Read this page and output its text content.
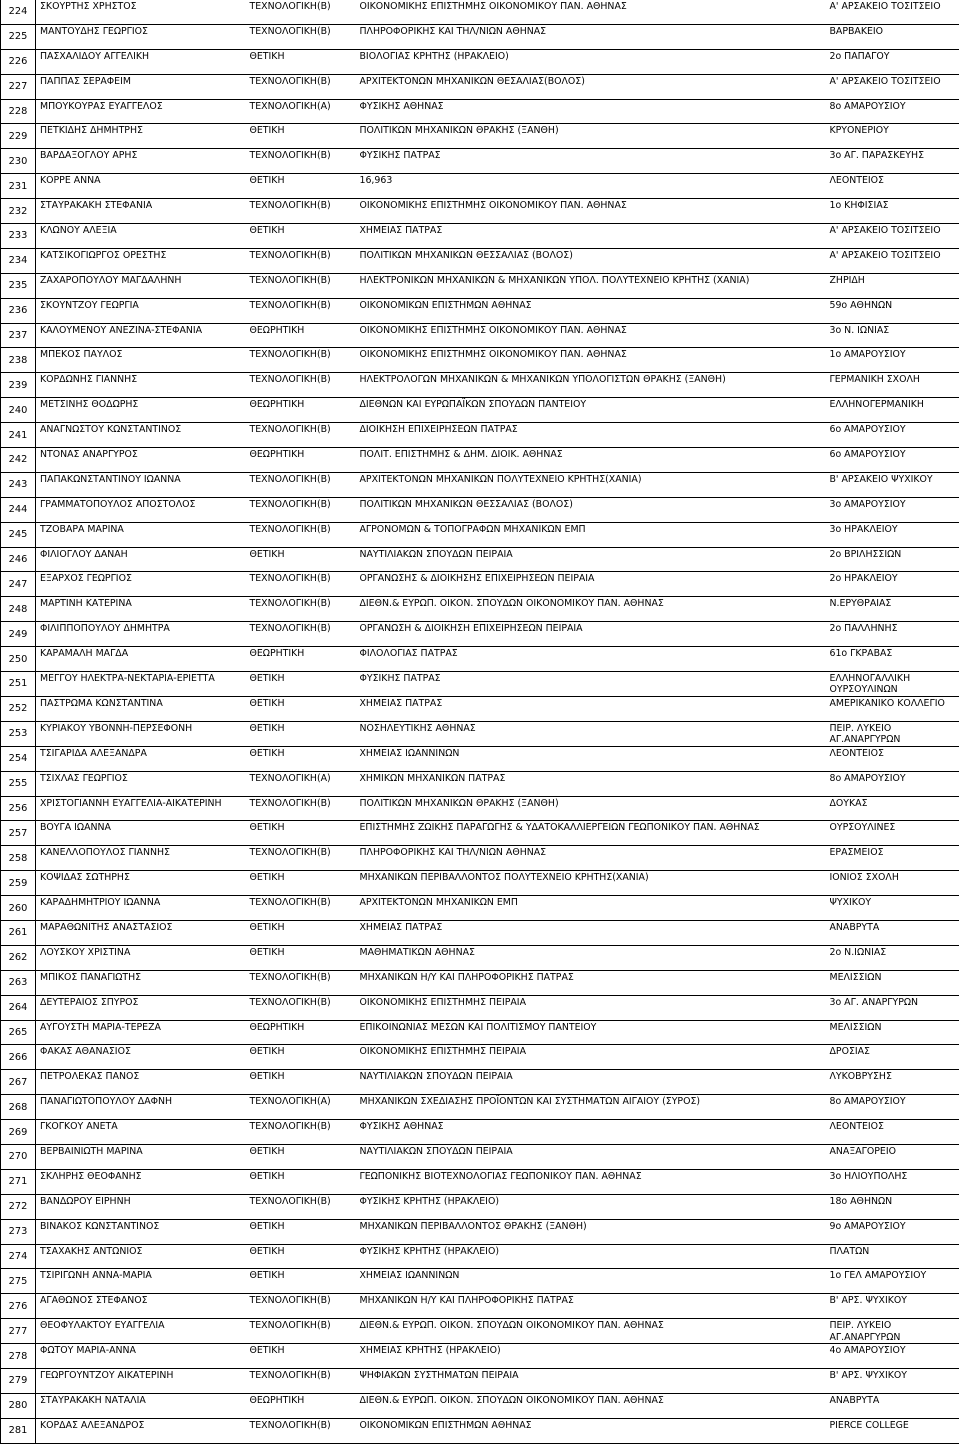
224	ΣΚΟΥΡΤΗΣ ΧΡΗΣΤΟΣ	ΤΕΧΝΟΛΟΓΙΚΗ(Β)	ΟΙΚΟΝΟΜΙΚΗΣ ΕΠΙΣΤΗΜΗΣ ΟΙΚΟΝΟΜΙΚΟΥ ΠΑΝ. ΑΘΗΝΑΣ	Α' ΑΡΣΑΚΕΙΟ ΤΟΣΙΤΣΕΙΟ
225	ΜΑΝΤΟΥΔΗΣ ΓΕΩΡΓΙΟΣ	ΤΕΧΝΟΛΟΓΙΚΗ(Β)	ΠΛΗΡΟΦΟΡΙΚΗΣ ΚΑΙ ΤΗΛ/ΝΙΩΝ ΑΘΗΝΑΣ	ΒΑΡΒΑΚΕΙΟ
226	ΠΑΣΧΑΛΙΔΟΥ ΑΓΓΕΛΙΚΗ	ΘΕΤΙΚΗ	ΒΙΟΛΟΓΙΑΣ ΚΡΗΤΗΣ (ΗΡΑΚΛΕΙΟ)	2ο ΠΑΠΑΓΟΥ
227	ΠΑΠΠΑΣ ΣΕΡΑΦΕΙΜ	ΤΕΧΝΟΛΟΓΙΚΗ(Β)	ΑΡΧΙΤΕΚΤΟΝΩΝ ΜΗΧΑΝΙΚΩΝ ΘΕΣΑΛΙΑΣ(ΒΟΛΟΣ)	Α' ΑΡΣΑΚΕΙΟ ΤΟΣΙΤΣΕΙΟ
228	ΜΠΟΥΚΟΥΡΑΣ ΕΥΑΓΓΕΛΟΣ	ΤΕΧΝΟΛΟΓΙΚΗ(Α)	ΦΥΣΙΚΗΣ ΑΘΗΝΑΣ	8ο ΑΜΑΡΟΥΣΙΟΥ
229	ΠΕΤΚΙΔΗΣ ΔΗΜΗΤΡΗΣ	ΘΕΤΙΚΗ	ΠΟΛΙΤΙΚΩΝ ΜΗΧΑΝΙΚΩΝ ΘΡΑΚΗΣ (ΞΑΝΘΗ)	ΚΡΥΟΝΕΡΙΟΥ
230	ΒΑΡΔΑΞΟΓΛΟΥ ΑΡΗΣ	ΤΕΧΝΟΛΟΓΙΚΗ(Β)	ΦΥΣΙΚΗΣ ΠΑΤΡΑΣ	3ο ΑΓ. ΠΑΡΑΣΚΕΥΗΣ
231	ΚΟΡΡΕ ΑΝΝΑ	ΘΕΤΙΚΗ	16,963	ΛΕΟΝΤΕΙΟΣ
232	ΣΤΑΥΡΑΚΑΚΗ ΣΤΕΦΑΝΙΑ	ΤΕΧΝΟΛΟΓΙΚΗ(Β)	ΟΙΚΟΝΟΜΙΚΗΣ ΕΠΙΣΤΗΜΗΣ ΟΙΚΟΝΟΜΙΚΟΥ ΠΑΝ. ΑΘΗΝΑΣ	1ο ΚΗΦΙΣΙΑΣ
233	ΚΛΩΝΟΥ ΑΛΕΞΙΑ	ΘΕΤΙΚΗ	ΧΗΜΕΙΑΣ ΠΑΤΡΑΣ	Α' ΑΡΣΑΚΕΙΟ ΤΟΣΙΤΣΕΙΟ
234	ΚΑΤΣΙΚΟΓΙΩΡΓΟΣ ΟΡΕΣΤΗΣ	ΤΕΧΝΟΛΟΓΙΚΗ(Β)	ΠΟΛΙΤΙΚΩΝ ΜΗΧΑΝΙΚΩΝ ΘΕΣΣΑΛΙΑΣ (ΒΟΛΟΣ)	Α' ΑΡΣΑΚΕΙΟ ΤΟΣΙΤΣΕΙΟ
235	ΖΑΧΑΡΟΠΟΥΛΟΥ ΜΑΓΔΑΛΗΝΗ	ΤΕΧΝΟΛΟΓΙΚΗ(Β)	ΗΛΕΚΤΡΟΝΙΚΩΝ ΜΗΧΑΝΙΚΩΝ & ΜΗΧΑΝΙΚΩΝ ΥΠΟΛ. ΠΟΛΥΤΕΧΝΕΙΟ ΚΡΗΤΗΣ (ΧΑΝΙΑ)	ΖΗΡΙΔΗ
236	ΣΚΟΥΝΤΖΟΥ ΓΕΩΡΓΙΑ	ΤΕΧΝΟΛΟΓΙΚΗ(Β)	ΟΙΚΟΝΟΜΙΚΩΝ ΕΠΙΣΤΗΜΩΝ ΑΘΗΝΑΣ	59ο ΑΘΗΝΩΝ
237	ΚΑΛΟΥΜΕΝΟΥ ΑΝΕΖΙΝΑ-ΣΤΕΦΑΝΙΑ	ΘΕΩΡΗΤΙΚΗ	ΟΙΚΟΝΟΜΙΚΗΣ ΕΠΙΣΤΗΜΗΣ ΟΙΚΟΝΟΜΙΚΟΥ ΠΑΝ. ΑΘΗΝΑΣ	3ο Ν. ΙΩΝΙΑΣ
238	ΜΠΕΚΟΣ ΠΑΥΛΟΣ	ΤΕΧΝΟΛΟΓΙΚΗ(Β)	ΟΙΚΟΝΟΜΙΚΗΣ ΕΠΙΣΤΗΜΗΣ ΟΙΚΟΝΟΜΙΚΟΥ ΠΑΝ. ΑΘΗΝΑΣ	1ο ΑΜΑΡΟΥΣΙΟΥ
239	ΚΟΡΔΩΝΗΣ ΓΙΑΝΝΗΣ	ΤΕΧΝΟΛΟΓΙΚΗ(Β)	ΗΛΕΚΤΡΟΛΟΓΩΝ ΜΗΧΑΝΙΚΩΝ & ΜΗΧΑΝΙΚΩΝ ΥΠΟΛΟΓΙΣΤΩΝ ΘΡΑΚΗΣ (ΞΑΝΘΗ)	ΓΕΡΜΑΝΙΚΗ ΣΧΟΛΗ
240	ΜΕΤΣΙΝΗΣ ΘΟΔΩΡΗΣ	ΘΕΩΡΗΤΙΚΗ	ΔΙΕΘΝΩΝ ΚΑΙ ΕΥΡΩΠΑΪΚΩΝ ΣΠΟΥΔΩΝ ΠΑΝΤΕΙΟΥ	ΕΛΛΗΝΟΓΕΡΜΑΝΙΚΗ
241	ΑΝΑΓΝΩΣΤΟΥ ΚΩΝΣΤΑΝΤΙΝΟΣ	ΤΕΧΝΟΛΟΓΙΚΗ(Β)	ΔΙΟΙΚΗΣΗ ΕΠΙΧΕΙΡΗΣΕΩΝ ΠΑΤΡΑΣ	6ο ΑΜΑΡΟΥΣΙΟΥ
242	ΝΤΟΝΑΣ ΑΝΑΡΓΥΡΟΣ	ΘΕΩΡΗΤΙΚΗ	ΠΟΛΙΤ. ΕΠΙΣΤΗΜΗΣ & ΔΗΜ. ΔΙΟΙΚ. ΑΘΗΝΑΣ	6ο ΑΜΑΡΟΥΣΙΟΥ
243	ΠΑΠΑΚΩΝΣΤΑΝΤΙΝΟΥ ΙΩΑΝΝΑ	ΤΕΧΝΟΛΟΓΙΚΗ(Β)	ΑΡΧΙΤΕΚΤΟΝΩΝ ΜΗΧΑΝΙΚΩΝ ΠΟΛΥΤΕΧΝΕΙΟ ΚΡΗΤΗΣ(ΧΑΝΙΑ)	Β' ΑΡΣΑΚΕΙΟ ΨΥΧΙΚΟΥ
244	ΓΡΑΜΜΑΤΟΠΟΥΛΟΣ ΑΠΟΣΤΟΛΟΣ	ΤΕΧΝΟΛΟΓΙΚΗ(Β)	ΠΟΛΙΤΙΚΩΝ ΜΗΧΑΝΙΚΩΝ ΘΕΣΣΑΛΙΑΣ (ΒΟΛΟΣ)	3ο ΑΜΑΡΟΥΣΙΟΥ
245	ΤΖΟΒΑΡΑ ΜΑΡΙΝΑ	ΤΕΧΝΟΛΟΓΙΚΗ(Β)	ΑΓΡΟΝΟΜΩΝ & ΤΟΠΟΓΡΑΦΩΝ ΜΗΧΑΝΙΚΩΝ ΕΜΠ	3ο ΗΡΑΚΛΕΙΟΥ
246	ΦΙΛΙΟΓΛΟΥ ΔΑΝΑΗ	ΘΕΤΙΚΗ	ΝΑΥΤΙΛΙΑΚΩΝ ΣΠΟΥΔΩΝ ΠΕΙΡΑΙΑ	2ο ΒΡΙΛΗΣΣΙΩΝ
247	ΕΞΑΡΧΟΣ ΓΕΩΡΓΙΟΣ	ΤΕΧΝΟΛΟΓΙΚΗ(Β)	ΟΡΓΑΝΩΣΗΣ & ΔΙΟΙΚΗΣΗΣ ΕΠΙΧΕΙΡΗΣΕΩΝ ΠΕΙΡΑΙΑ	2ο ΗΡΑΚΛΕΙΟΥ
248	ΜΑΡΤΙΝΗ ΚΑΤΕΡΙΝΑ	ΤΕΧΝΟΛΟΓΙΚΗ(Β)	ΔΙΕΘΝ.& ΕΥΡΩΠ. ΟΙΚΟΝ. ΣΠΟΥΔΩΝ ΟΙΚΟΝΟΜΙΚΟΥ ΠΑΝ. ΑΘΗΝΑΣ	Ν.ΕΡΥΘΡΑΙΑΣ
249	ΦΙΛΙΠΠΟΠΟΥΛΟΥ ΔΗΜΗΤΡΑ	ΤΕΧΝΟΛΟΓΙΚΗ(Β)	ΟΡΓΑΝΩΣΗ & ΔΙΟΙΚΗΣΗ ΕΠΙΧΕΙΡΗΣΕΩΝ ΠΕΙΡΑΙΑ	2ο ΠΑΛΛΗΝΗΣ
250	ΚΑΡΑΜΑΛΗ ΜΑΓΔΑ	ΘΕΩΡΗΤΙΚΗ	ΦΙΛΟΛΟΓΙΑΣ ΠΑΤΡΑΣ	61ο ΓΚΡΑΒΑΣ
251	ΜΕΓΓΟΥ ΗΛΕΚΤΡΑ-ΝΕΚΤΑΡΙΑ-ΕΡΙΕΤΤΑ	ΘΕΤΙΚΗ	ΦΥΣΙΚΗΣ ΠΑΤΡΑΣ	ΕΛΛΗΝΟΓΑΛΛΙΚΗ ΟΥΡΣΟΥΛΙΝΩΝ
252	ΠΑΣΤΡΩΜΑ ΚΩΝΣΤΑΝΤΙΝΑ	ΘΕΤΙΚΗ	ΧΗΜΕΙΑΣ ΠΑΤΡΑΣ	ΑΜΕΡΙΚΑΝΙΚΟ ΚΟΛΛΕΓΙΟ
253	ΚΥΡΙΑΚΟΥ ΥΒΟΝΝΗ-ΠΕΡΣΕΦΟΝΗ	ΘΕΤΙΚΗ	ΝΟΣΗΛΕΥΤΙΚΗΣ ΑΘΗΝΑΣ	ΠΕΙΡ. ΛΥΚΕΙΟ ΑΓ.ΑΝΑΡΓΥΡΩΝ
254	ΤΣΙΓΑΡΙΔΑ ΑΛΕΞΑΝΔΡΑ	ΘΕΤΙΚΗ	ΧΗΜΕΙΑΣ ΙΩΑΝΝΙΝΩΝ	ΛΕΟΝΤΕΙΟΣ
255	ΤΣΙΧΛΑΣ ΓΕΩΡΓΙΟΣ	ΤΕΧΝΟΛΟΓΙΚΗ(Α)	ΧΗΜΙΚΩΝ ΜΗΧΑΝΙΚΩΝ ΠΑΤΡΑΣ	8ο ΑΜΑΡΟΥΣΙΟΥ
256	ΧΡΙΣΤΟΓΙΑΝΝΗ ΕΥΑΓΓΕΛΙΑ-ΑΙΚΑΤΕΡΙΝΗ	ΤΕΧΝΟΛΟΓΙΚΗ(Β)	ΠΟΛΙΤΙΚΩΝ ΜΗΧΑΝΙΚΩΝ ΘΡΑΚΗΣ (ΞΑΝΘΗ)	ΔΟΥΚΑΣ
257	ΒΟΥΓΑ ΙΩΑΝΝΑ	ΘΕΤΙΚΗ	ΕΠΙΣΤΗΜΗΣ ΖΩΙΚΗΣ ΠΑΡΑΓΩΓΗΣ & ΥΔΑΤΟΚΑΛΛΙΕΡΓΕΙΩΝ ΓΕΩΠΟΝΙΚΟΥ ΠΑΝ. ΑΘΗΝΑΣ	ΟΥΡΣΟΥΛΙΝΕΣ
258	ΚΑΝΕΛΛΟΠΟΥΛΟΣ ΓΙΑΝΝΗΣ	ΤΕΧΝΟΛΟΓΙΚΗ(Β)	ΠΛΗΡΟΦΟΡΙΚΗΣ ΚΑΙ ΤΗΛ/ΝΙΩΝ ΑΘΗΝΑΣ	ΕΡΑΣΜΕΙΟΣ
259	ΚΟΨΙΔΑΣ ΣΩΤΗΡΗΣ	ΘΕΤΙΚΗ	ΜΗΧΑΝΙΚΩΝ ΠΕΡΙΒΑΛΛΟΝΤΟΣ ΠΟΛΥΤΕΧΝΕΙΟ ΚΡΗΤΗΣ(ΧΑΝΙΑ)	ΙΟΝΙΟΣ ΣΧΟΛΗ
260	ΚΑΡΑΔΗΜΗΤΡΙΟΥ ΙΩΑΝΝΑ	ΤΕΧΝΟΛΟΓΙΚΗ(Β)	ΑΡΧΙΤΕΚΤΟΝΩΝ ΜΗΧΑΝΙΚΩΝ ΕΜΠ	ΨΥΧΙΚΟΥ
261	ΜΑΡΑΘΩΝΙΤΗΣ ΑΝΑΣΤΑΣΙΟΣ	ΘΕΤΙΚΗ	ΧΗΜΕΙΑΣ ΠΑΤΡΑΣ	ΑΝΑΒΡΥΤΑ
262	ΛΟΥΣΚΟΥ ΧΡΙΣΤΙΝΑ	ΘΕΤΙΚΗ	ΜΑΘΗΜΑΤΙΚΩΝ ΑΘΗΝΑΣ	2ο Ν.ΙΩΝΙΑΣ
263	ΜΠΙΚΟΣ ΠΑΝΑΓΙΩΤΗΣ	ΤΕΧΝΟΛΟΓΙΚΗ(Β)	ΜΗΧΑΝΙΚΩΝ Η/Υ ΚΑΙ ΠΛΗΡΟΦΟΡΙΚΗΣ ΠΑΤΡΑΣ	ΜΕΛΙΣΣΙΩΝ
264	ΔΕΥΤΕΡΑΙΟΣ ΣΠΥΡΟΣ	ΤΕΧΝΟΛΟΓΙΚΗ(Β)	ΟΙΚΟΝΟΜΙΚΗΣ ΕΠΙΣΤΗΜΗΣ ΠΕΙΡΑΙΑ	3ο ΑΓ. ΑΝΑΡΓΥΡΩΝ
265	ΑΥΓΟΥΣΤΗ ΜΑΡΙΑ-ΤΕΡΕΖΑ	ΘΕΩΡΗΤΙΚΗ	ΕΠΙΚΟΙΝΩΝΙΑΣ ΜΕΣΩΝ ΚΑΙ ΠΟΛΙΤΙΣΜΟΥ ΠΑΝΤΕΙΟΥ	ΜΕΛΙΣΣΙΩΝ
266	ΦΑΚΑΣ ΑΘΑΝΑΣΙΟΣ	ΘΕΤΙΚΗ	ΟΙΚΟΝΟΜΙΚΗΣ ΕΠΙΣΤΗΜΗΣ ΠΕΙΡΑΙΑ	ΔΡΟΣΙΑΣ
267	ΠΕΤΡΟΛΕΚΑΣ ΠΑΝΟΣ	ΘΕΤΙΚΗ	ΝΑΥΤΙΛΙΑΚΩΝ ΣΠΟΥΔΩΝ ΠΕΙΡΑΙΑ	ΛΥΚΟΒΡΥΣΗΣ
268	ΠΑΝΑΓΙΩΤΟΠΟΥΛΟΥ ΔΑΦΝΗ	ΤΕΧΝΟΛΟΓΙΚΗ(Α)	ΜΗΧΑΝΙΚΩΝ ΣΧΕΔΙΑΣΗΣ ΠΡΟΪΟΝΤΩΝ ΚΑΙ ΣΥΣΤΗΜΑΤΩΝ ΑΙΓΑΙΟΥ (ΣΥΡΟΣ)	8ο ΑΜΑΡΟΥΣΙΟΥ
269	ΓΚΟΓΚΟΥ ΑΝΕΤΑ	ΤΕΧΝΟΛΟΓΙΚΗ(Β)	ΦΥΣΙΚΗΣ ΑΘΗΝΑΣ	ΛΕΟΝΤΕΙΟΣ
270	ΒΕΡΒΑΙΝΙΩΤΗ ΜΑΡΙΝΑ	ΘΕΤΙΚΗ	ΝΑΥΤΙΛΙΑΚΩΝ ΣΠΟΥΔΩΝ ΠΕΙΡΑΙΑ	ΑΝΑΞΑΓΟΡΕΙΟ
271	ΣΚΛΗΡΗΣ ΘΕΟΦΑΝΗΣ	ΘΕΤΙΚΗ	ΓΕΩΠΟΝΙΚΗΣ ΒΙΟΤΕΧΝΟΛΟΓΙΑΣ ΓΕΩΠΟΝΙΚΟΥ ΠΑΝ. ΑΘΗΝΑΣ	3ο ΗΛΙΟΥΠΟΛΗΣ
272	ΒΑΝΔΩΡΟΥ ΕΙΡΗΝΗ	ΤΕΧΝΟΛΟΓΙΚΗ(Β)	ΦΥΣΙΚΗΣ ΚΡΗΤΗΣ (ΗΡΑΚΛΕΙΟ)	18ο ΑΘΗΝΩΝ
273	ΒΙΝΑΚΟΣ ΚΩΝΣΤΑΝΤΙΝΟΣ	ΘΕΤΙΚΗ	ΜΗΧΑΝΙΚΩΝ ΠΕΡΙΒΑΛΛΟΝΤΟΣ ΘΡΑΚΗΣ (ΞΑΝΘΗ)	9ο ΑΜΑΡΟΥΣΙΟΥ
274	ΤΣΑΧΑΚΗΣ ΑΝΤΩΝΙΟΣ	ΘΕΤΙΚΗ	ΦΥΣΙΚΗΣ ΚΡΗΤΗΣ (ΗΡΑΚΛΕΙΟ)	ΠΛΑΤΩΝ
275	ΤΣΙΡΙΓΩΝΗ ΑΝΝΑ-ΜΑΡΙΑ	ΘΕΤΙΚΗ	ΧΗΜΕΙΑΣ ΙΩΑΝΝΙΝΩΝ	1ο ΓΕΛ ΑΜΑΡΟΥΣΙΟΥ
276	ΑΓΑΘΩΝΟΣ ΣΤΕΦΑΝΟΣ	ΤΕΧΝΟΛΟΓΙΚΗ(Β)	ΜΗΧΑΝΙΚΩΝ Η/Υ ΚΑΙ ΠΛΗΡΟΦΟΡΙΚΗΣ ΠΑΤΡΑΣ	Β' ΑΡΣ. ΨΥΧΙΚΟΥ
277	ΘΕΟΦΥΛΑΚΤΟΥ ΕΥΑΓΓΕΛΙΑ	ΤΕΧΝΟΛΟΓΙΚΗ(Β)	ΔΙΕΘΝ.& ΕΥΡΩΠ. ΟΙΚΟΝ. ΣΠΟΥΔΩΝ ΟΙΚΟΝΟΜΙΚΟΥ ΠΑΝ. ΑΘΗΝΑΣ	ΠΕΙΡ. ΛΥΚΕΙΟ ΑΓ.ΑΝΑΡΓΥΡΩΝ
278	ΦΩΤΟΥ ΜΑΡΙΑ-ΑΝΝΑ	ΘΕΤΙΚΗ	ΧΗΜΕΙΑΣ ΚΡΗΤΗΣ (ΗΡΑΚΛΕΙΟ)	4ο ΑΜΑΡΟΥΣΙΟΥ
279	ΓΕΩΡΓΟΥΝΤΖΟΥ ΑΙΚΑΤΕΡΙΝΗ	ΤΕΧΝΟΛΟΓΙΚΗ(Β)	ΨΗΦΙΑΚΩΝ ΣΥΣΤΗΜΑΤΩΝ ΠΕΙΡΑΙΑ	Β' ΑΡΣ. ΨΥΧΙΚΟΥ
280	ΣΤΑΥΡΑΚΑΚΗ ΝΑΤΑΛΙΑ	ΘΕΩΡΗΤΙΚΗ	ΔΙΕΘΝ.& ΕΥΡΩΠ. ΟΙΚΟΝ. ΣΠΟΥΔΩΝ ΟΙΚΟΝΟΜΙΚΟΥ ΠΑΝ. ΑΘΗΝΑΣ	ΑΝΑΒΡΥΤΑ
281	ΚΟΡΔΑΣ ΑΛΕΞΑΝΔΡΟΣ	ΤΕΧΝΟΛΟΓΙΚΗ(Β)	ΟΙΚΟΝΟΜΙΚΩΝ ΕΠΙΣΤΗΜΩΝ ΑΘΗΝΑΣ	PIERCE COLLEGE
